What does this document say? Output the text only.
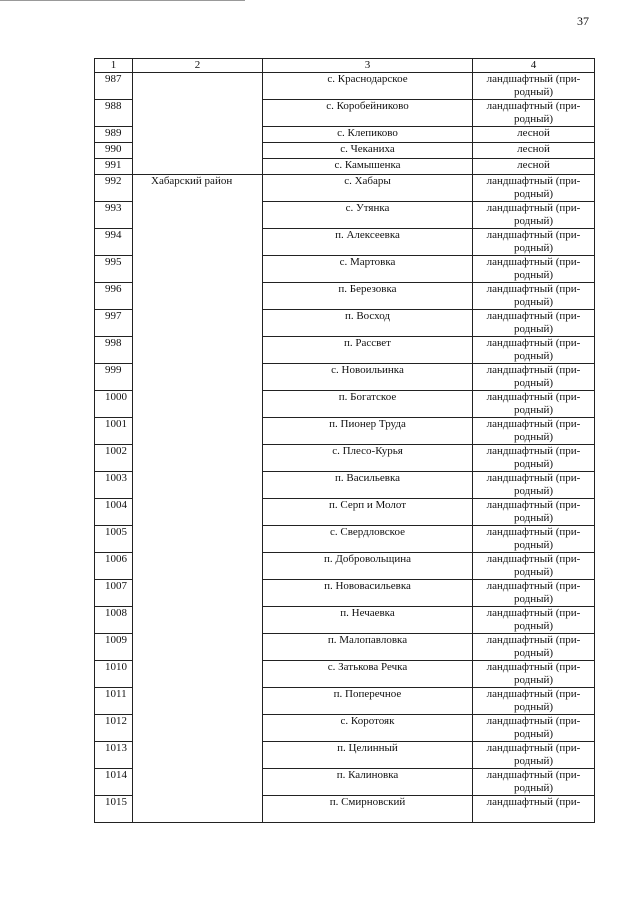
37
1	2	3	4
987		с. Краснодарское	ландшафтный (при-родный)
988		с. Коробейниково	ландшафтный (при-родный)
989		с. Клепиково	лесной
990		с. Чеканиха	лесной
991		с. Камышенка	лесной
992	Хабарский район	с. Хабары	ландшафтный (при-родный)
993		с. Утянка	ландшафтный (при-родный)
994		п. Алексеевка	ландшафтный (при-родный)
995		с. Мартовка	ландшафтный (при-родный)
996		п. Березовка	ландшафтный (при-родный)
997		п. Восход	ландшафтный (при-родный)
998		п. Рассвет	ландшафтный (при-родный)
999		с. Новоильинка	ландшафтный (при-родный)
1000		п. Богатское	ландшафтный (при-родный)
1001		п. Пионер Труда	ландшафтный (при-родный)
1002		с. Плесо-Курья	ландшафтный (при-родный)
1003		п. Васильевка	ландшафтный (при-родный)
1004		п. Серп и Молот	ландшафтный (при-родный)
1005		с. Свердловское	ландшафтный (при-родный)
1006		п. Добровольщина	ландшафтный (при-родный)
1007		п. Нововасильевка	ландшафтный (при-родный)
1008		п. Нечаевка	ландшафтный (при-родный)
1009		п. Малопавловка	ландшафтный (при-родный)
1010		с. Затькова Речка	ландшафтный (при-родный)
1011		п. Поперечное	ландшафтный (при-родный)
1012		с. Коротояк	ландшафтный (при-родный)
1013		п. Целинный	ландшафтный (при-родный)
1014		п. Калиновка	ландшафтный (при-родный)
1015		п. Смирновский	ландшафтный (при-
